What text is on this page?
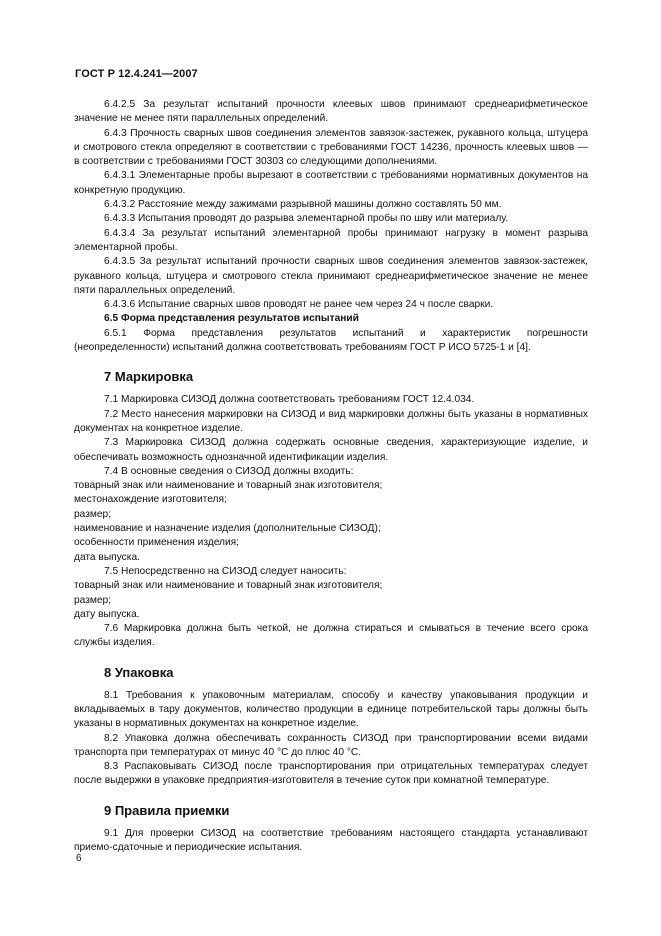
ГОСТ Р 12.4.241—2007

6.4.2.5 За результат испытаний прочности клеевых швов принимают среднеарифметическое значение не менее пяти параллельных определений.

6.4.3 Прочность сварных швов соединения элементов завязок-застежек, рукавного кольца, штуцера и смотрового стекла определяют в соответствии с требованиями ГОСТ 14236, прочность клеевых швов — в соответствии с требованиями ГОСТ 30303 со следующими дополнениями.

6.4.3.1 Элементарные пробы вырезают в соответствии с требованиями нормативных документов на конкретную продукцию.

6.4.3.2 Расстояние между зажимами разрывной машины должно составлять 50 мм.

6.4.3.3 Испытания проводят до разрыва элементарной пробы по шву или материалу.

6.4.3.4 За результат испытаний элементарной пробы принимают нагрузку в момент разрыва элементарной пробы.

6.4.3.5 За результат испытаний прочности сварных швов соединения элементов завязок-застежек, рукавного кольца, штуцера и смотрового стекла принимают среднеарифметическое значение не менее пяти параллельных определений.

6.4.3.6 Испытание сварных швов проводят не ранее чем через 24 ч после сварки.

6.5 Форма представления результатов испытаний

6.5.1 Форма представления результатов испытаний и характеристик погрешности (неопределенности) испытаний должна соответствовать требованиям ГОСТ Р ИСО 5725-1 и [4].

7 Маркировка

7.1 Маркировка СИЗОД должна соответствовать требованиям ГОСТ 12.4.034.

7.2 Место нанесения маркировки на СИЗОД и вид маркировки должны быть указаны в нормативных документах на конкретное изделие.

7.3 Маркировка СИЗОД должна содержать основные сведения, характеризующие изделие, и обеспечивать возможность однозначной идентификации изделия.

7.4 В основные сведения о СИЗОД должны входить:

товарный знак или наименование и товарный знак изготовителя;

местонахождение изготовителя;

размер;

наименование и назначение изделия (дополнительные СИЗОД);

особенности применения изделия;

дата выпуска.

7.5 Непосредственно на СИЗОД следует наносить:

товарный знак или наименование и товарный знак изготовителя;

размер;

дату выпуска.

7.6 Маркировка должна быть четкой, не должна стираться и смываться в течение всего срока службы изделия.

8 Упаковка

8.1 Требования к упаковочным материалам, способу и качеству упаковывания продукции и вкладываемых в тару документов, количество продукции в единице потребительской тары должны быть указаны в нормативных документах на конкретное изделие.

8.2 Упаковка должна обеспечивать сохранность СИЗОД при транспортировании всеми видами транспорта при температурах от минус 40 °С до плюс 40 °С.

8.3 Распаковывать СИЗОД после транспортирования при отрицательных температурах следует после выдержки в упаковке предприятия-изготовителя в течение суток при комнатной температуре.

9 Правила приемки

9.1 Для проверки СИЗОД на соответствие требованиям настоящего стандарта устанавливают приемо-сдаточные и периодические испытания.

6
